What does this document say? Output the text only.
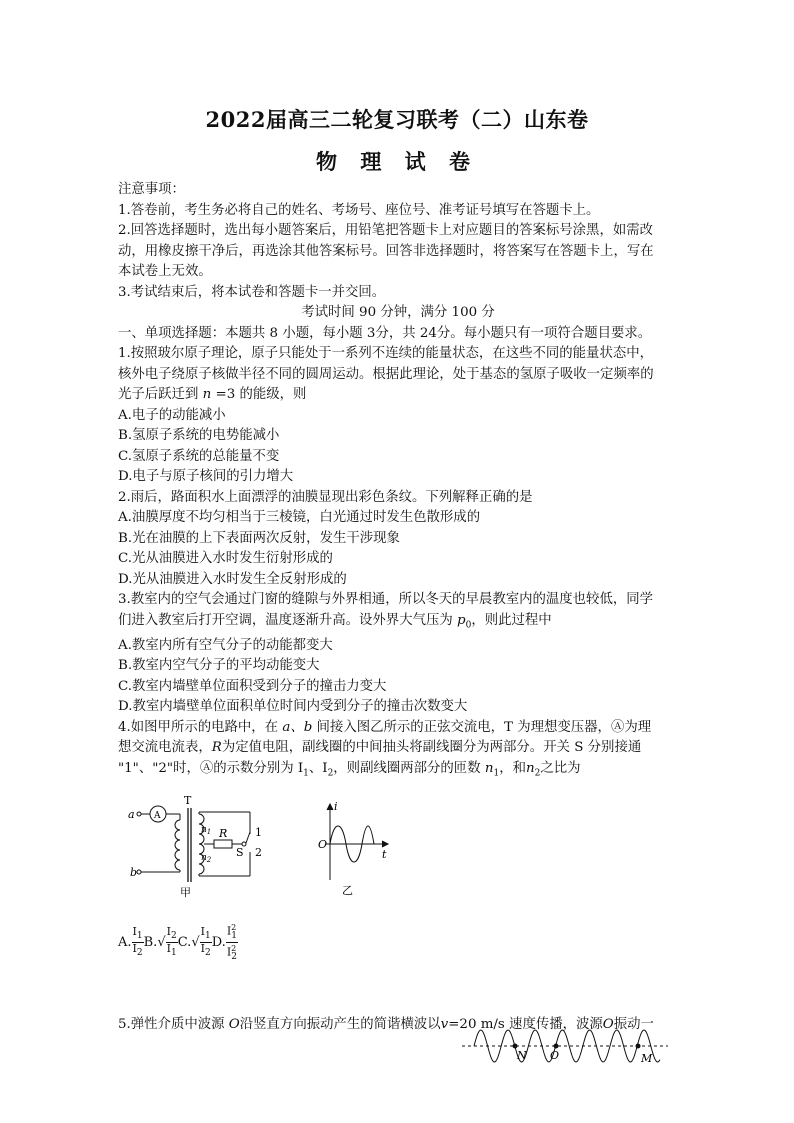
2022届高三二轮复习联考（二）山东卷
物 理 试 卷
注意事项：
1.答卷前，考生务必将自己的姓名、考场号、座位号、准考证号填写在答题卡上。
2.回答选择题时，选出每小题答案后，用铅笔把答题卡上对应题目的答案标号涂黑，如需改
动，用橡皮擦干净后，再选涂其他答案标号。回答非选择题时，将答案写在答题卡上，写在
本试卷上无效。
3.考试结束后，将本试卷和答题卡一并交回。
考试时间 90 分钟，满分 100 分
一、单项选择题：本题共 8 小题，每小题 3分，共 24分。每小题只有一项符合题目要求。
1.按照玻尔原子理论，原子只能处于一系列不连续的能量状态，在这些不同的能量状态中，
核外电子绕原子核做半径不同的圆周运动。根据此理论，处于基态的氢原子吸收一定频率的
光子后跃迁到 n =3 的能级，则
A.电子的动能减小
B.氢原子系统的电势能减小
C.氢原子系统的总能量不变
D.电子与原子核间的引力增大
2.雨后，路面积水上面漂浮的油膜显现出彩色条纹。下列解释正确的是
A.油膜厚度不均匀相当于三棱镜，白光通过时发生色散形成的
B.光在油膜的上下表面两次反射，发生干涉现象
C.光从油膜进入水时发生衍射形成的
D.光从油膜进入水时发生全反射形成的
3.教室内的空气会通过门窗的缝隙与外界相通，所以冬天的早晨教室内的温度也较低，同学
们进入教室后打开空调，温度逐渐升高。设外界大气压为 $p_0$，则此过程中
A.教室内所有空气分子的动能都变大
B.教室内空气分子的平均动能变大
C.教室内墙壁单位面积受到分子的撞击力变大
D.教室内墙壁单位面积单位时间内受到分子的撞击次数变大
4.如图甲所示的电路中，在 a、b 间接入图乙所示的正弦交流电，T 为理想变压器，Ⓐ为理
想交流电流表，R为定值电阻，副线圈的中间抽头将副线圈分为两部分。开关 S 分别接通
"1"、"2"时，Ⓐ的示数分别为 $I_1$、$I_2$，则副线圈两部分的匝数 $n_1$，和$n_2$之比为
a
b
A
T
$n_1$
$n_2$
R	1
2
S
甲
i
O
t
乙
A. $\frac{I_1}{I_2} B.√ \frac{I_2}{I_1} C.√ \frac{I_1}{I_2} D$. $\frac{I^2_1}{I^2_2}$
5.弹性介质中波源 O沿竖直方向振动产生的简谐横波以v=20 m/s 速度传播，波源O振动一
N O	M
